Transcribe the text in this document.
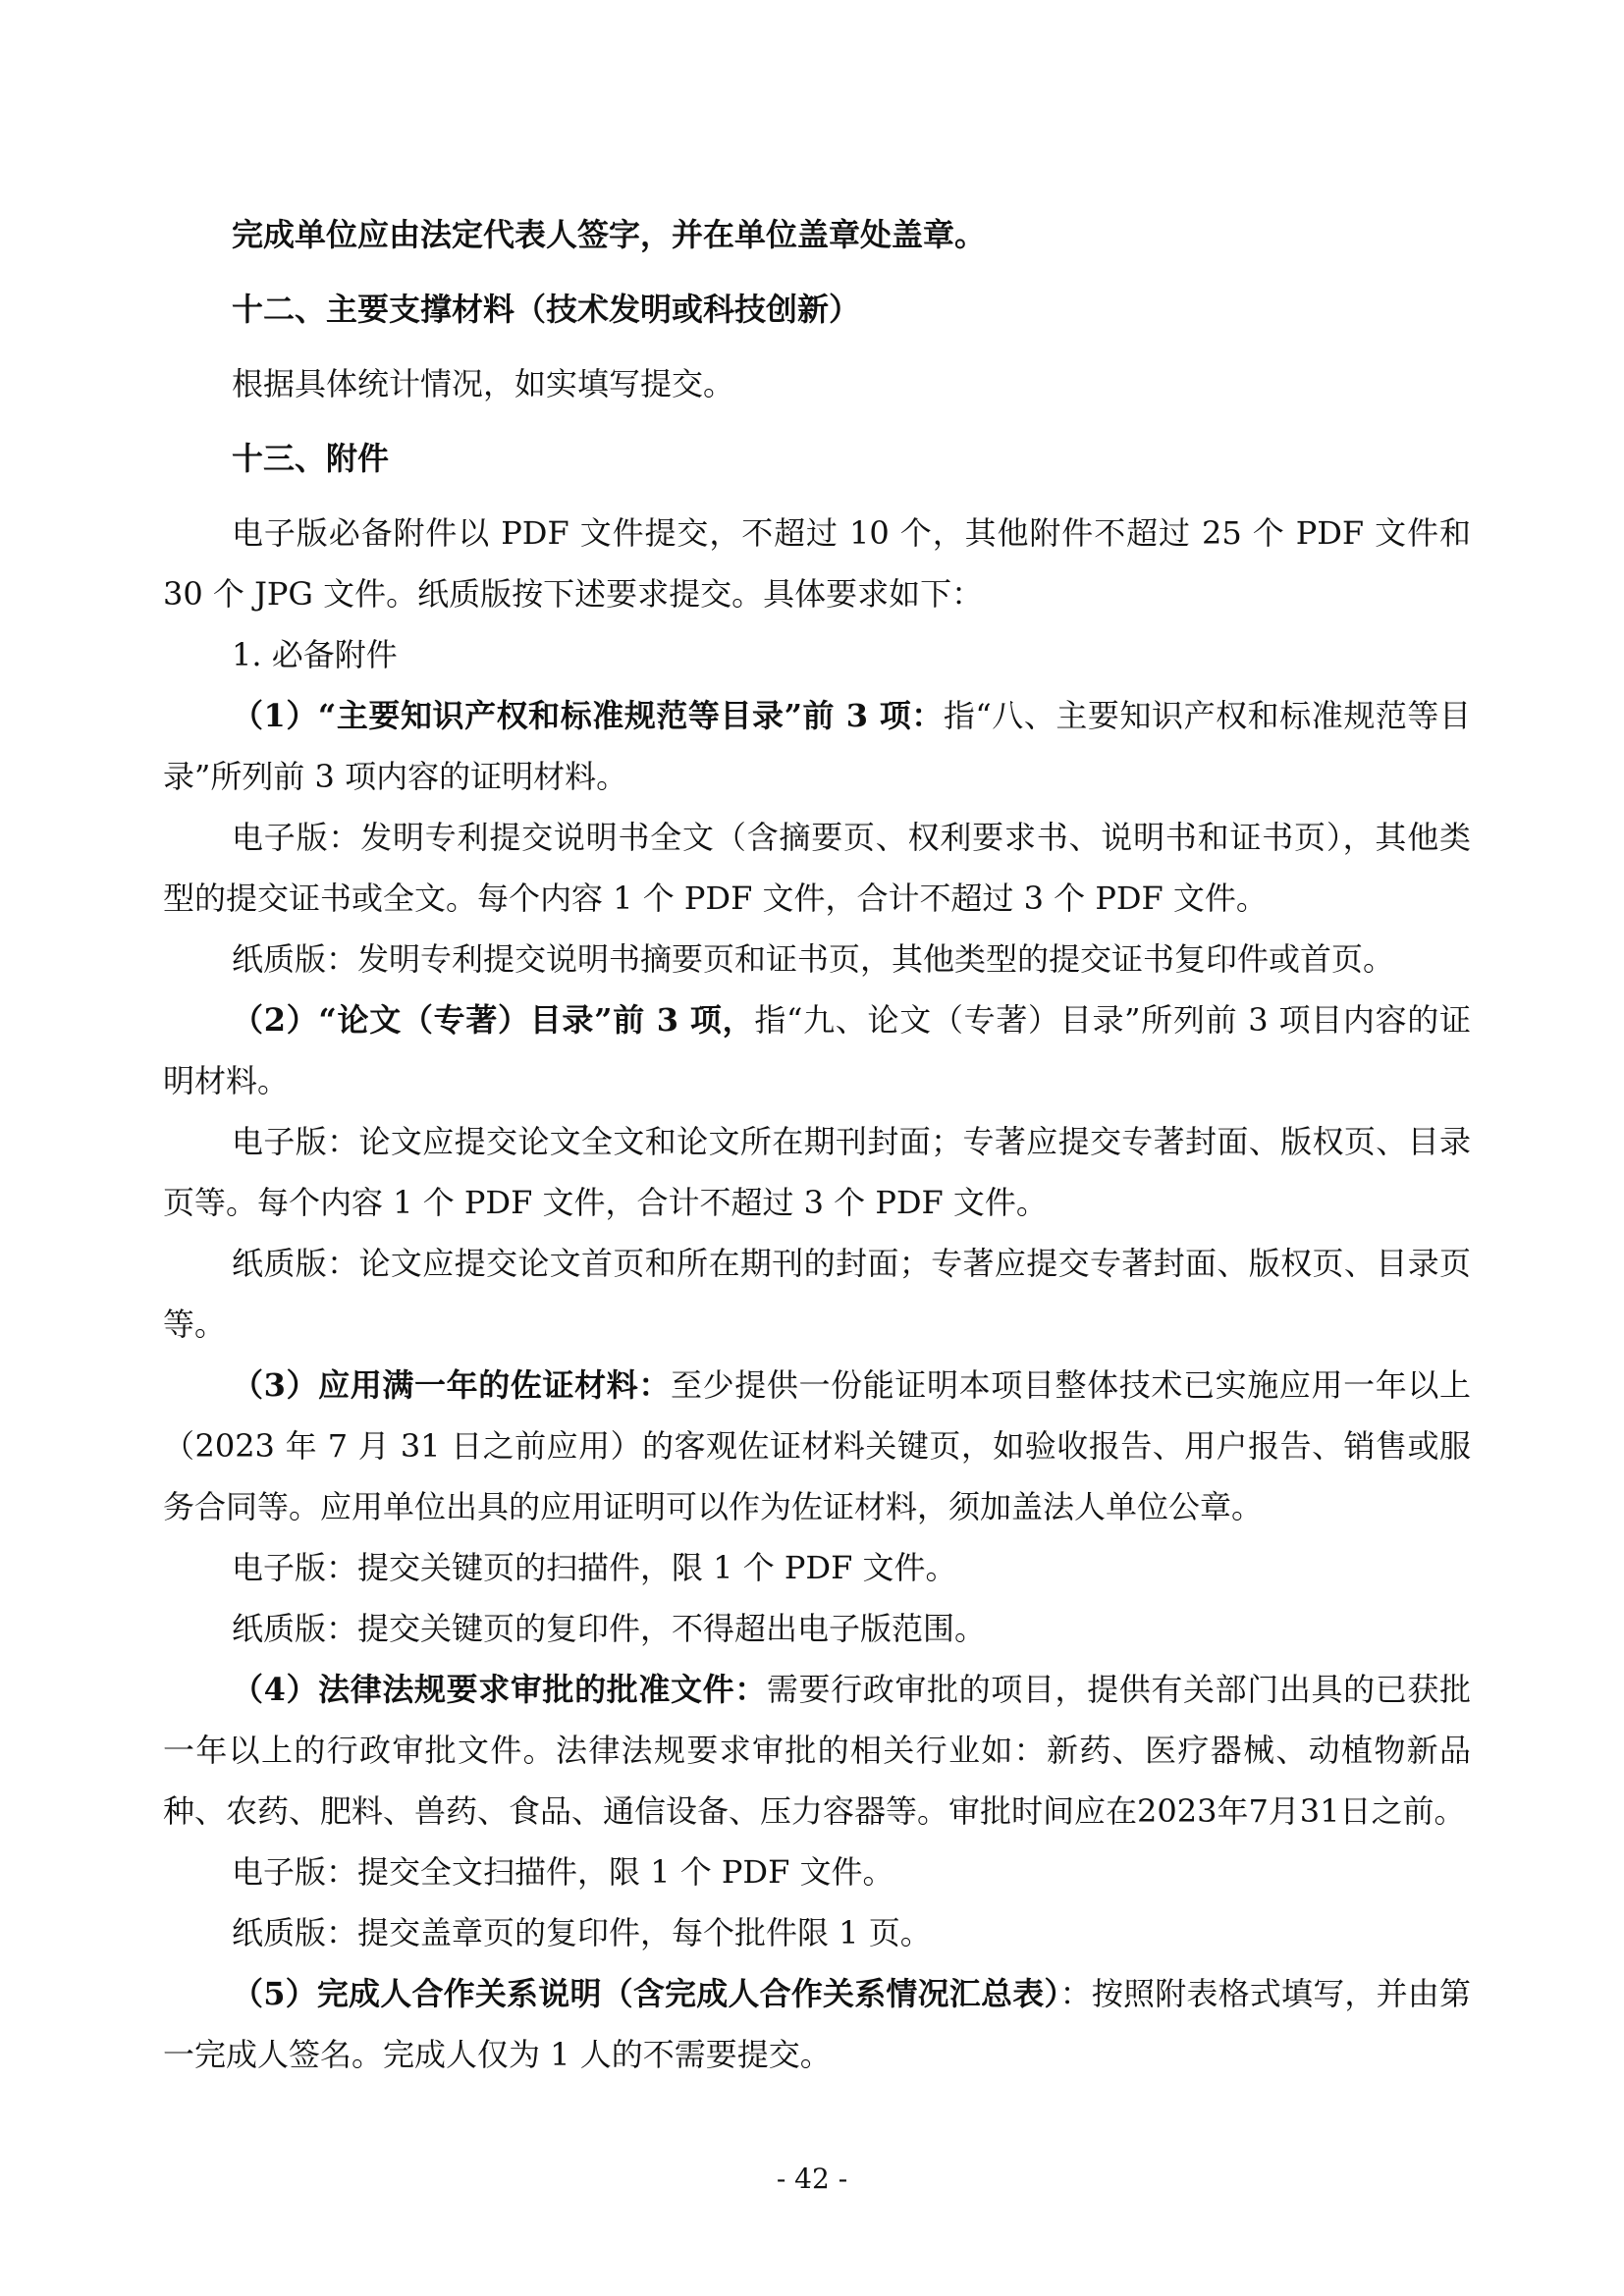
完成单位应由法定代表人签字，并在单位盖章处盖章。

十二、主要支撑材料（技术发明或科技创新）

根据具体统计情况，如实填写提交。

十三、附件

电子版必备附件以 PDF 文件提交，不超过 10 个，其他附件不超过 25 个 PDF 文件和 30 个 JPG 文件。纸质版按下述要求提交。具体要求如下：

1. 必备附件

（1）“主要知识产权和标准规范等目录”前 3 项：指“八、主要知识产权和标准规范等目录”所列前 3 项内容的证明材料。

电子版：发明专利提交说明书全文（含摘要页、权利要求书、说明书和证书页），其他类型的提交证书或全文。每个内容 1 个 PDF 文件，合计不超过 3 个 PDF 文件。

纸质版：发明专利提交说明书摘要页和证书页，其他类型的提交证书复印件或首页。

（2）“论文（专著）目录”前 3 项，指“九、论文（专著）目录”所列前 3 项目内容的证明材料。

电子版：论文应提交论文全文和论文所在期刊封面；专著应提交专著封面、版权页、目录页等。每个内容 1 个 PDF 文件，合计不超过 3 个 PDF 文件。

纸质版：论文应提交论文首页和所在期刊的封面；专著应提交专著封面、版权页、目录页等。

（3）应用满一年的佐证材料：至少提供一份能证明本项目整体技术已实施应用一年以上（2023 年 7 月 31 日之前应用）的客观佐证材料关键页，如验收报告、用户报告、销售或服务合同等。应用单位出具的应用证明可以作为佐证材料，须加盖法人单位公章。

电子版：提交关键页的扫描件，限 1 个 PDF 文件。

纸质版：提交关键页的复印件，不得超出电子版范围。

（4）法律法规要求审批的批准文件：需要行政审批的项目，提供有关部门出具的已获批一年以上的行政审批文件。法律法规要求审批的相关行业如：新药、医疗器械、动植物新品种、农药、肥料、兽药、食品、通信设备、压力容器等。审批时间应在2023年7月31日之前。

电子版：提交全文扫描件，限 1 个 PDF 文件。

纸质版：提交盖章页的复印件，每个批件限 1 页。

（5）完成人合作关系说明（含完成人合作关系情况汇总表）：按照附表格式填写，并由第一完成人签名。完成人仅为 1 人的不需要提交。

- 42 -
